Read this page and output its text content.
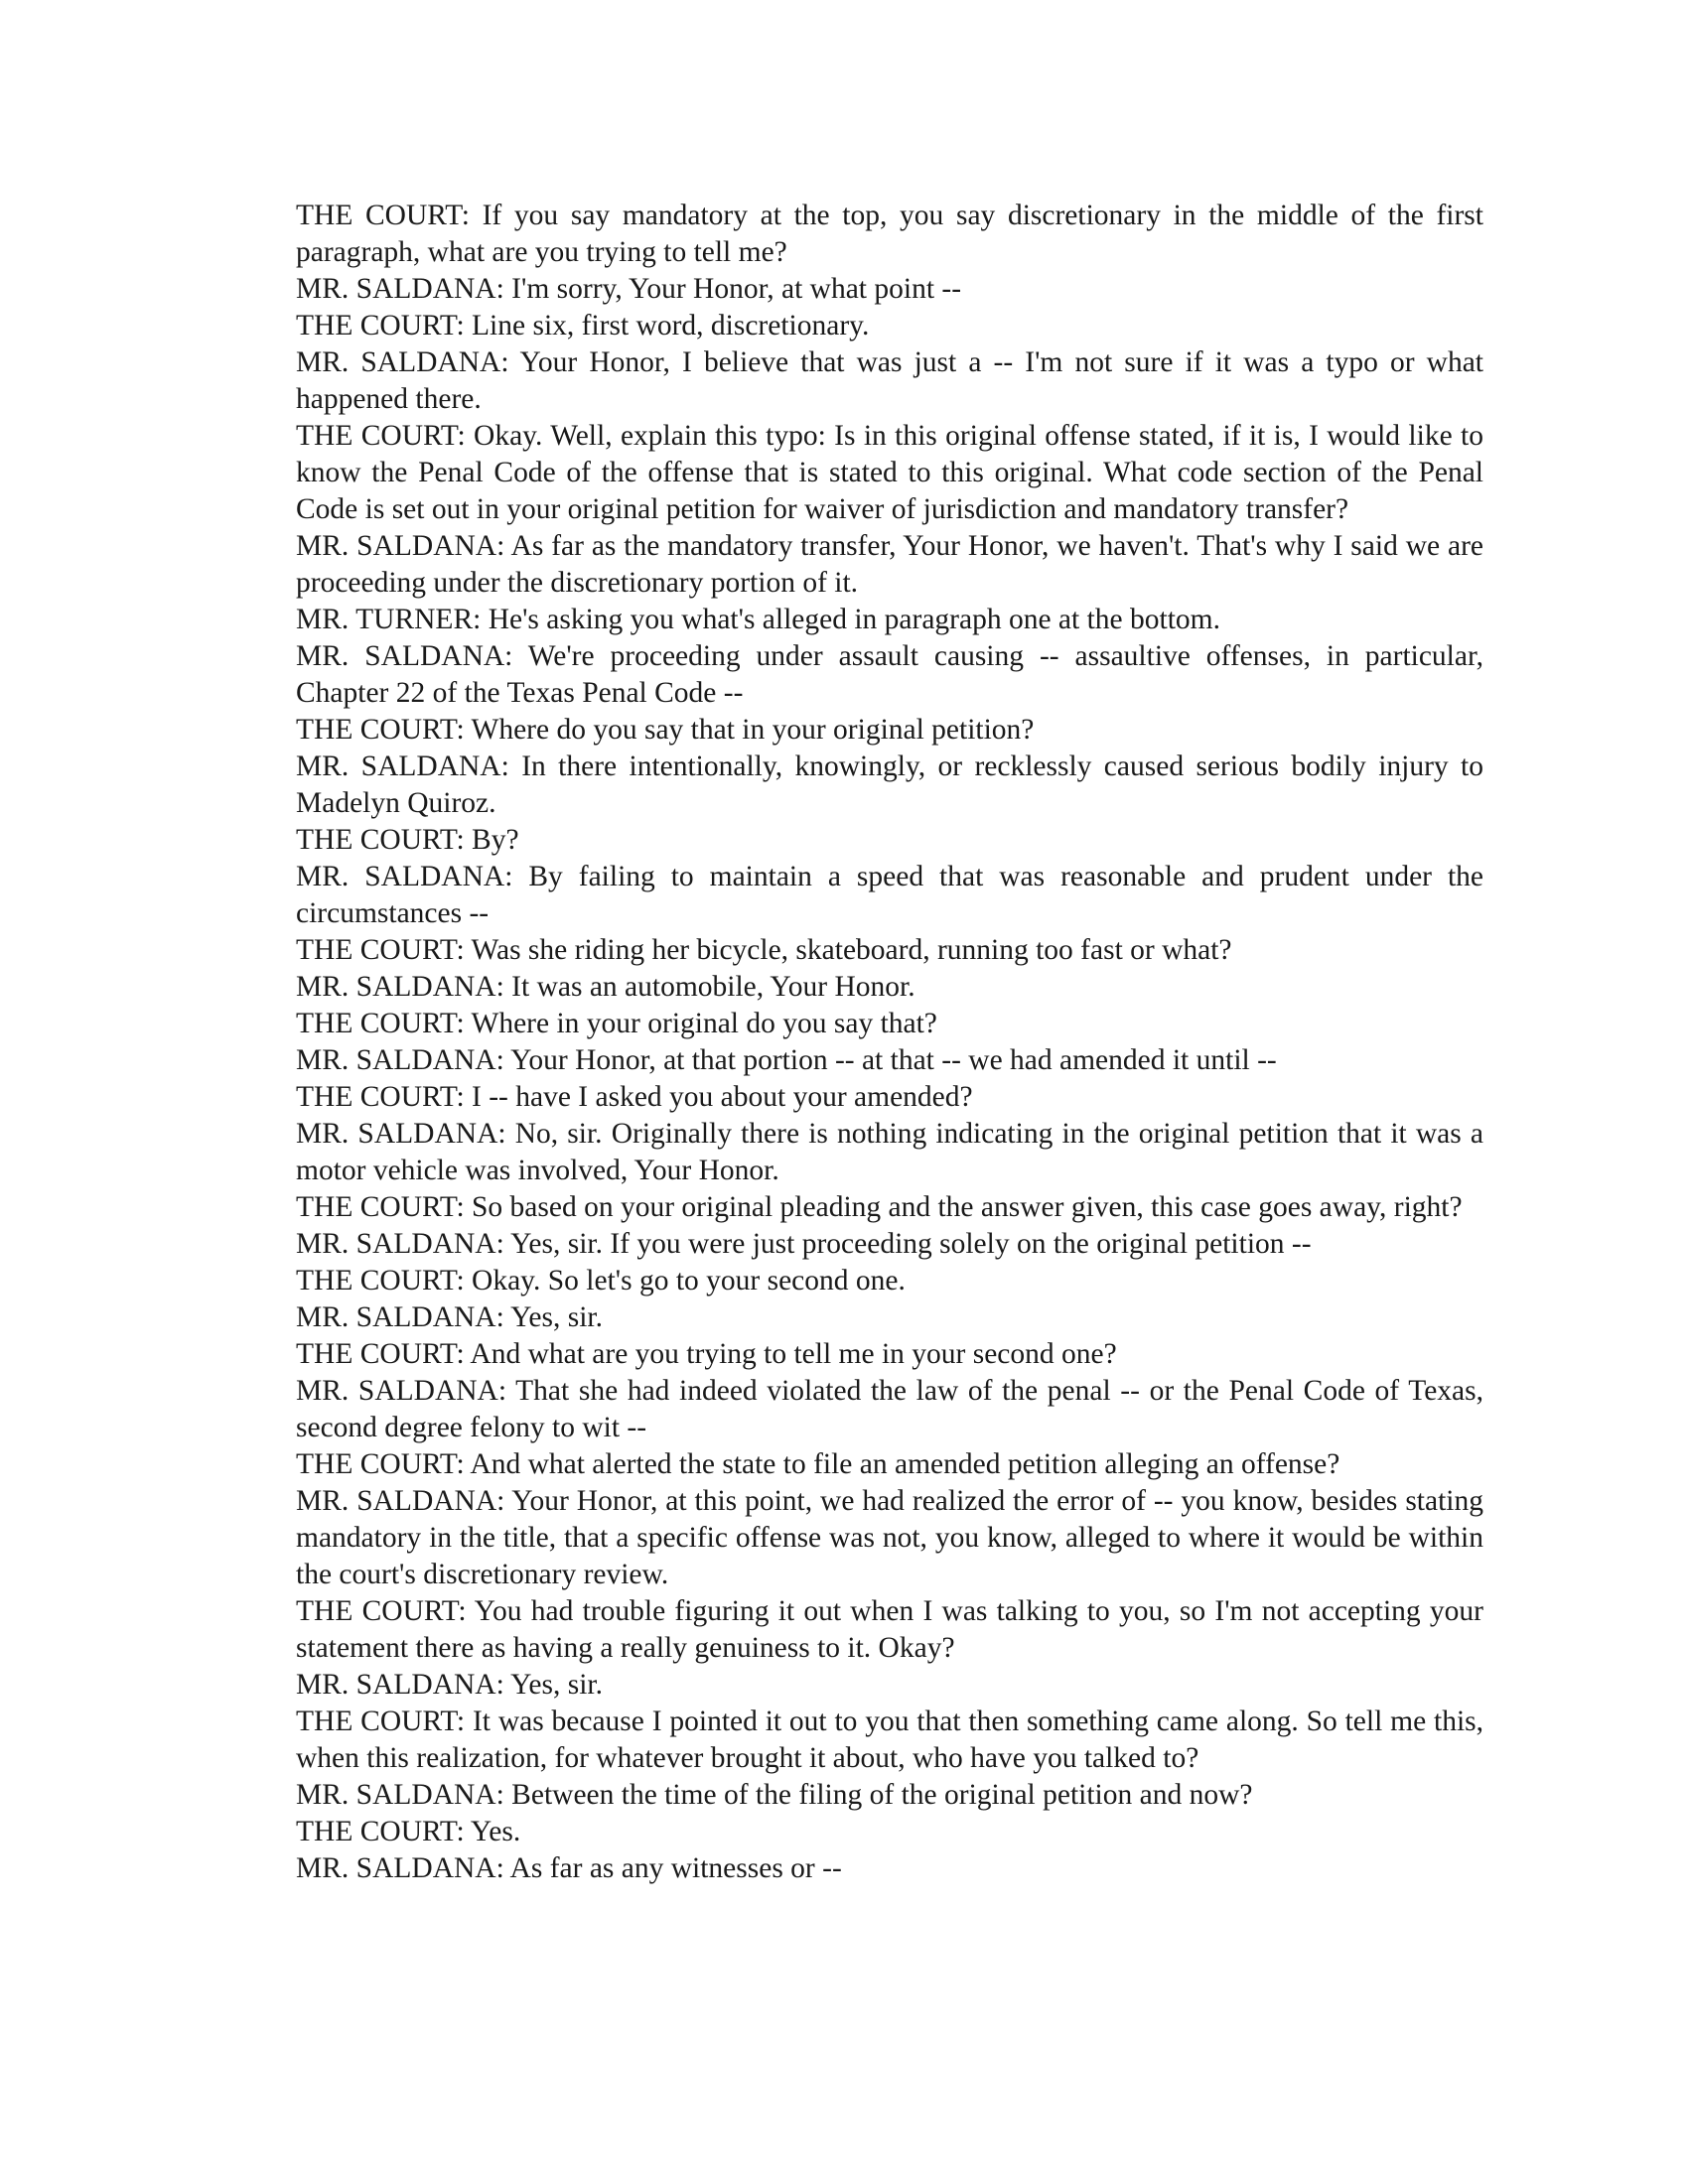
THE COURT: If you say mandatory at the top, you say discretionary in the middle of the first paragraph, what are you trying to tell me?

MR. SALDANA: I'm sorry, Your Honor, at what point --

THE COURT: Line six, first word, discretionary.

MR. SALDANA: Your Honor, I believe that was just a -- I'm not sure if it was a typo or what happened there.

THE COURT: Okay. Well, explain this typo: Is in this original offense stated, if it is, I would like to know the Penal Code of the offense that is stated to this original. What code section of the Penal Code is set out in your original petition for waiver of jurisdiction and mandatory transfer?

MR. SALDANA: As far as the mandatory transfer, Your Honor, we haven't. That's why I said we are proceeding under the discretionary portion of it.

MR. TURNER: He's asking you what's alleged in paragraph one at the bottom.

MR. SALDANA: We're proceeding under assault causing -- assaultive offenses, in particular, Chapter 22 of the Texas Penal Code --

THE COURT: Where do you say that in your original petition?

MR. SALDANA: In there intentionally, knowingly, or recklessly caused serious bodily injury to Madelyn Quiroz.

THE COURT: By?

MR. SALDANA: By failing to maintain a speed that was reasonable and prudent under the circumstances --

THE COURT: Was she riding her bicycle, skateboard, running too fast or what?

MR. SALDANA: It was an automobile, Your Honor.

THE COURT: Where in your original do you say that?

MR. SALDANA: Your Honor, at that portion -- at that -- we had amended it until --

THE COURT: I -- have I asked you about your amended?

MR. SALDANA: No, sir. Originally there is nothing indicating in the original petition that it was a motor vehicle was involved, Your Honor.

THE COURT: So based on your original pleading and the answer given, this case goes away, right?

MR. SALDANA: Yes, sir. If you were just proceeding solely on the original petition --

THE COURT: Okay. So let's go to your second one.

MR. SALDANA: Yes, sir.

THE COURT: And what are you trying to tell me in your second one?

MR. SALDANA: That she had indeed violated the law of the penal -- or the Penal Code of Texas, second degree felony to wit --

THE COURT: And what alerted the state to file an amended petition alleging an offense?

MR. SALDANA: Your Honor, at this point, we had realized the error of -- you know, besides stating mandatory in the title, that a specific offense was not, you know, alleged to where it would be within the court's discretionary review.

THE COURT: You had trouble figuring it out when I was talking to you, so I'm not accepting your statement there as having a really genuiness to it. Okay?

MR. SALDANA: Yes, sir.

THE COURT: It was because I pointed it out to you that then something came along. So tell me this, when this realization, for whatever brought it about, who have you talked to?

MR. SALDANA: Between the time of the filing of the original petition and now?

THE COURT: Yes.

MR. SALDANA: As far as any witnesses or --
